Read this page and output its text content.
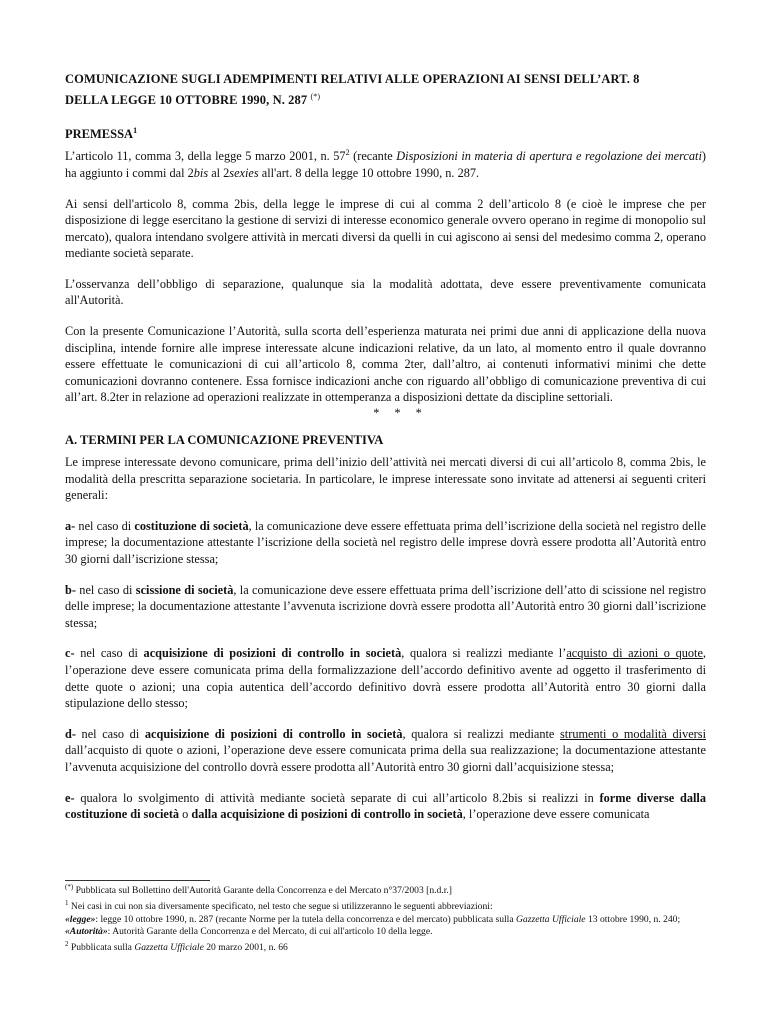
COMUNICAZIONE SUGLI ADEMPIMENTI RELATIVI ALLE OPERAZIONI AI SENSI DELL’ART. 8
DELLA LEGGE 10 OTTOBRE 1990, N. 287 (*)
PREMESSA$^1$

L’articolo 11, comma 3, della legge 5 marzo 2001, n. $57^2$ (recante Disposizioni in materia di apertura e regolazione dei mercati) ha aggiunto i commi dal 2bis al 2sexies all'art. 8 della legge 10 ottobre 1990, n. 287.

Ai sensi dell'articolo 8, comma 2bis, della legge le imprese di cui al comma 2 dell’articolo 8 (e cioè le imprese che per disposizione di legge esercitano la gestione di servizi di interesse economico generale ovvero operano in regime di monopolio sul mercato), qualora intendano svolgere attività in mercati diversi da quelli in cui agiscono ai sensi del medesimo comma 2, operano mediante società separate.

L’osservanza dell’obbligo di separazione, qualunque sia la modalità adottata, deve essere preventivamente comunicata all'Autorità.

Con la presente Comunicazione l’Autorità, sulla scorta dell’esperienza maturata nei primi due anni di applicazione della nuova disciplina, intende fornire alle imprese interessate alcune indicazioni relative, da un lato, al momento entro il quale dovranno essere effettuate le comunicazioni di cui all’articolo 8, comma 2ter, dall’altro, ai contenuti informativi minimi che dette comunicazioni dovranno contenere. Essa fornisce indicazioni anche con riguardo all’obbligo di comunicazione preventiva di cui all’art. 8.2ter in relazione ad operazioni realizzate in ottemperanza a disposizioni dettate da discipline settoriali.

* * *
A. TERMINI PER LA COMUNICAZIONE PREVENTIVA

Le imprese interessate devono comunicare, prima dell’inizio dell’attività nei mercati diversi di cui all’articolo 8, comma 2bis, le modalità della prescritta separazione societaria. In particolare, le imprese interessate sono invitate ad attenersi ai seguenti criteri generali:

a- nel caso di costituzione di società, la comunicazione deve essere effettuata prima dell’iscrizione della società nel registro delle imprese; la documentazione attestante l’iscrizione della società nel registro delle imprese dovrà essere prodotta all’Autorità entro 30 giorni dall’iscrizione stessa;

b- nel caso di scissione di società, la comunicazione deve essere effettuata prima dell’iscrizione dell’atto di scissione nel registro delle imprese; la documentazione attestante l’avvenuta iscrizione dovrà essere prodotta all’Autorità entro 30 giorni dall’iscrizione stessa;

c- nel caso di acquisizione di posizioni di controllo in società, qualora si realizzi mediante l’acquisto di azioni o quote, l’operazione deve essere comunicata prima della formalizzazione dell’accordo definitivo avente ad oggetto il trasferimento di dette quote o azioni; una copia autentica dell’accordo definitivo dovrà essere prodotta all’Autorità entro 30 giorni dalla stipulazione dello stesso;

d- nel caso di acquisizione di posizioni di controllo in società, qualora si realizzi mediante strumenti o modalità diversi dall’acquisto di quote o azioni, l’operazione deve essere comunicata prima della sua realizzazione; la documentazione attestante l’avvenuta acquisizione del controllo dovrà essere prodotta all’Autorità entro 30 giorni dall’acquisizione stessa;

e- qualora lo svolgimento di attività mediante società separate di cui all’articolo 8.2bis si realizzi in forme diverse dalla costituzione di società o dalla acquisizione di posizioni di controllo in società, l’operazione deve essere comunicata

(*) Pubblicata sul Bollettino dell'Autorità Garante della Concorrenza e del Mercato n°37/2003 [n.d.r.]
$^1$ Nei casi in cui non sia diversamente specificato, nel testo che segue si utilizzeranno le seguenti abbreviazioni:
«legge»: legge 10 ottobre 1990, n. 287 (recante Norme per la tutela della concorrenza e del mercato) pubblicata sulla Gazzetta Ufficiale 13 ottobre 1990, n. 240;
«Autorità»: Autorità Garante della Concorrenza e del Mercato, di cui all'articolo 10 della legge.
$^2$ Pubblicata sulla Gazzetta Ufficiale 20 marzo 2001, n. 66
